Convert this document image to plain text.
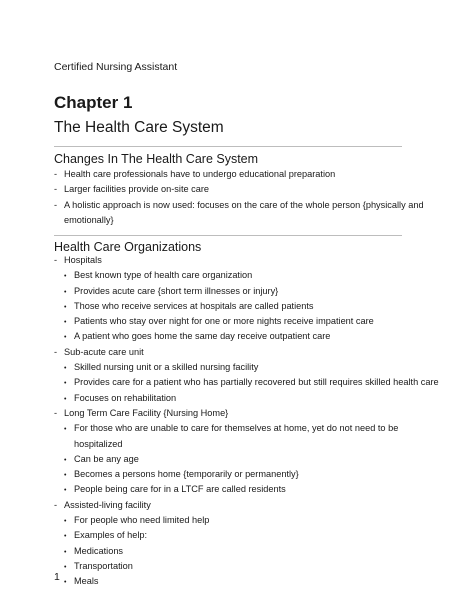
Certified Nursing Assistant
Chapter 1
The Health Care System
Changes In The Health Care System
- Health care professionals have to undergo educational preparation
- Larger facilities provide on-site care
- A holistic approach is now used: focuses on the care of the whole person {physically and
emotionally}
Health Care Organizations
- Hospitals
• Best known type of health care organization
• Provides acute care {short term illnesses or injury}
• Those who receive services at hospitals are called patients
• Patients who stay over night for one or more nights receive impatient care
• A patient who goes home the same day receive outpatient care
- Sub-acute care unit
• Skilled nursing unit or a skilled nursing facility
• Provides care for a patient who has partially recovered but still requires skilled health care
• Focuses on rehabilitation
- Long Term Care Facility {Nursing Home}
• For those who are unable to care for themselves at home, yet do not need to be
hospitalized
• Can be any age
• Becomes a persons home {temporarily or permanently}
• People being care for in a LTCF are called residents
- Assisted-living facility
• For people who need limited help
• Examples of help:
• Medications
• Transportation
• Meals
1
